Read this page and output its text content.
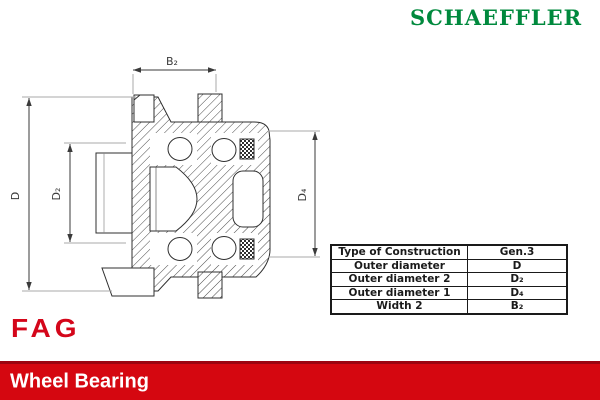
SCHAEFFLER
B₂
D	D₂	D₄
Type of Construction	Gen.3
Outer diameter	D
Outer diameter 2	D₂
Outer diameter 1	D₄
Width 2	B₂
FAG
Wheel Bearing
